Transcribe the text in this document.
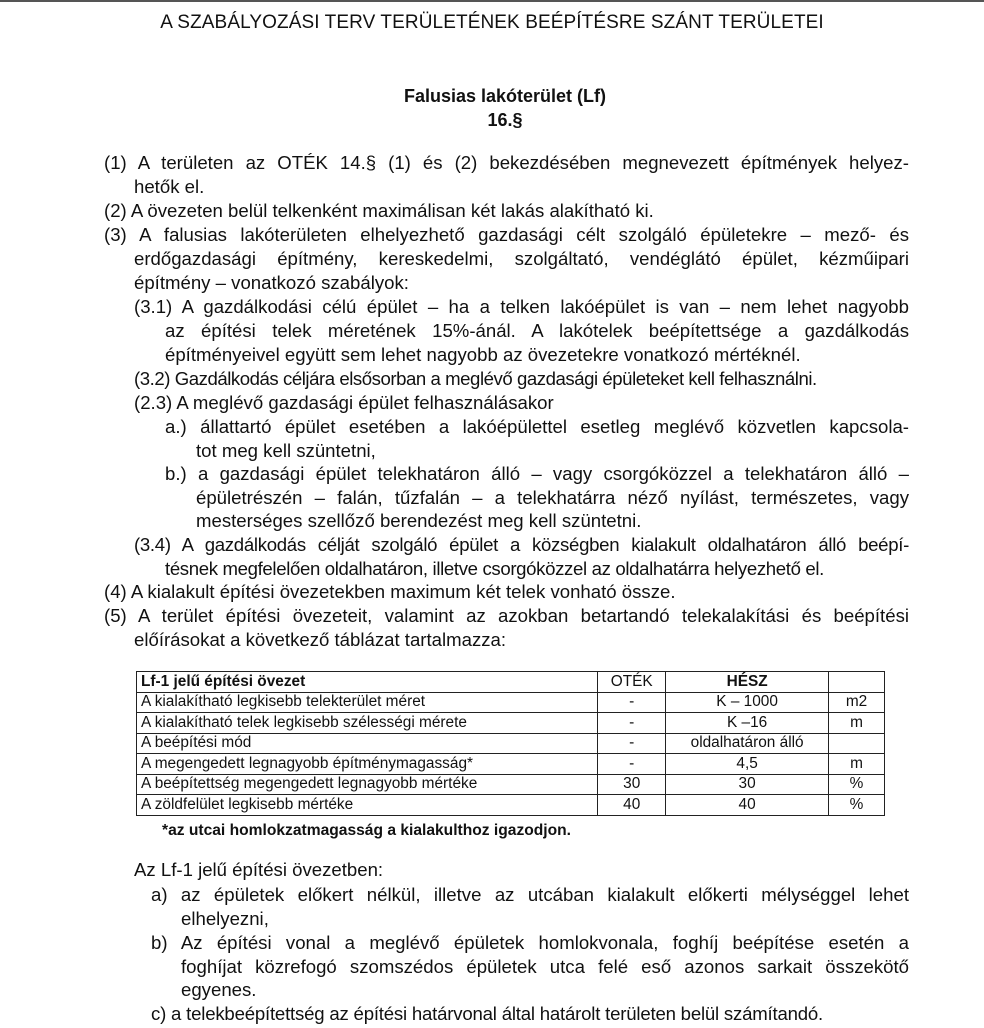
A SZABÁLYOZÁSI TERV TERÜLETÉNEK BEÉPÍTÉSRE SZÁNT TERÜLETEI
Falusias lakóterület (Lf)
16.§
(1) A területen az OTÉK 14.§ (1) és (2) bekezdésében megnevezett építmények helyez-
hetők el.
(2) A övezeten belül telkenként maximálisan két lakás alakítható ki.
(3) A falusias lakóterületen elhelyezhető gazdasági célt szolgáló épületekre – mező- és
erdőgazdasági építmény, kereskedelmi, szolgáltató, vendéglátó épület, kézműipari
építmény – vonatkozó szabályok:
(3.1) A gazdálkodási célú épület – ha a telken lakóépület is van – nem lehet nagyobb
az építési telek méretének 15%-ánál. A lakótelek beépítettsége a gazdálkodás
építményeivel együtt sem lehet nagyobb az övezetekre vonatkozó mértéknél.
(3.2) Gazdálkodás céljára elsősorban a meglévő gazdasági épületeket kell felhasználni.
(2.3) A meglévő gazdasági épület felhasználásakor
a.) állattartó épület esetében a lakóépülettel esetleg meglévő közvetlen kapcsola-
tot meg kell szüntetni,
b.) a gazdasági épület telekhatáron álló – vagy csorgóközzel a telekhatáron álló –
épületrészén – falán, tűzfalán – a telekhatárra néző nyílást, természetes, vagy
mesterséges szellőző berendezést meg kell szüntetni.
(3.4) A gazdálkodás célját szolgáló épület a községben kialakult oldalhatáron álló beépí-
tésnek megfelelően oldalhatáron, illetve csorgóközzel az oldalhatárra helyezhető el.
(4) A kialakult építési övezetekben maximum két telek vonható össze.
(5) A terület építési övezeteit, valamint az azokban betartandó telekalakítási és beépítési
előírásokat a következő táblázat tartalmazza:
Lf-1 jelű építési övezet	OTÉK	HÉSZ	
A kialakítható legkisebb telekterület méret	-	K – 1000	m2
A kialakítható telek legkisebb szélességi mérete	-	K –16	m
A beépítési mód	-	oldalhatáron álló	
A megengedett legnagyobb építménymagasság*	-	4,5	m
A beépítettség megengedett legnagyobb mértéke	30	30	%
A zöldfelület legkisebb mértéke	40	40	%
*az utcai homlokzatmagasság a kialakulthoz igazodjon.
Az Lf-1 jelű építési övezetben:
a) az épületek előkert nélkül, illetve az utcában kialakult előkerti mélységgel lehet
elhelyezni,
b) Az építési vonal a meglévő épületek homlokvonala, foghíj beépítése esetén a
foghíjat közrefogó szomszédos épületek utca felé eső azonos sarkait összekötő
egyenes.
c) a telekbeépítettség az építési határvonal által határolt területen belül számítandó.
